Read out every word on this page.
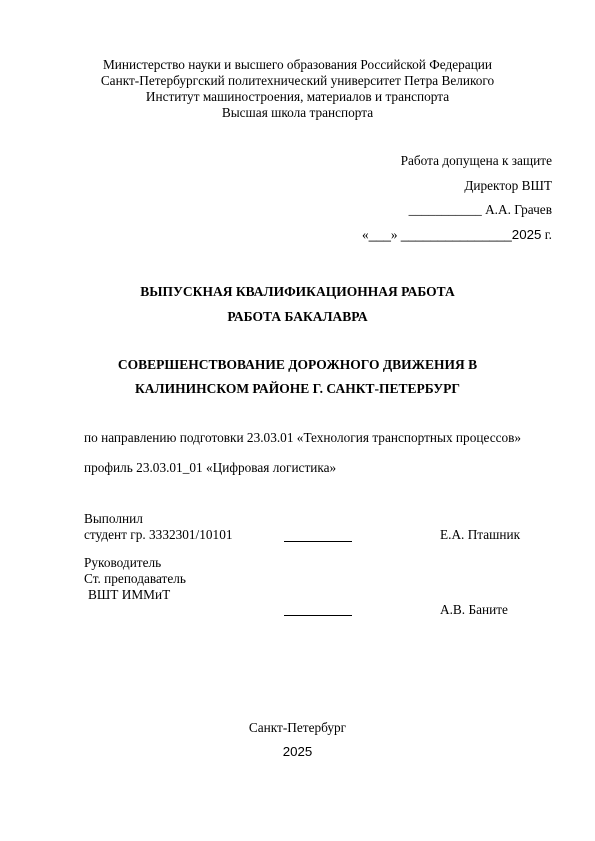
Министерство науки и высшего образования Российской Федерации
Санкт-Петербургский политехнический университет Петра Великого
Институт машиностроения, материалов и транспорта
Высшая школа транспорта
Работа допущена к защите
Директор ВШТ
___________ А.А. Грачев
«___» _______________2025 г.
ВЫПУСКНАЯ КВАЛИФИКАЦИОННАЯ РАБОТА
РАБОТА БАКАЛАВРА
СОВЕРШЕНСТВОВАНИЕ ДОРОЖНОГО ДВИЖЕНИЯ В
КАЛИНИНСКОМ РАЙОНЕ Г. САНКТ-ПЕТЕРБУРГ
по направлению подготовки 23.03.01 «Технология транспортных процессов»
профиль 23.03.01_01 «Цифровая логистика»
Выполнил
студент гр. 3332301/10101	Е.А. Пташник
Руководитель
Ст. преподаватель
ВШТ ИММиТ
А.В. Баните
Санкт-Петербург
2025
